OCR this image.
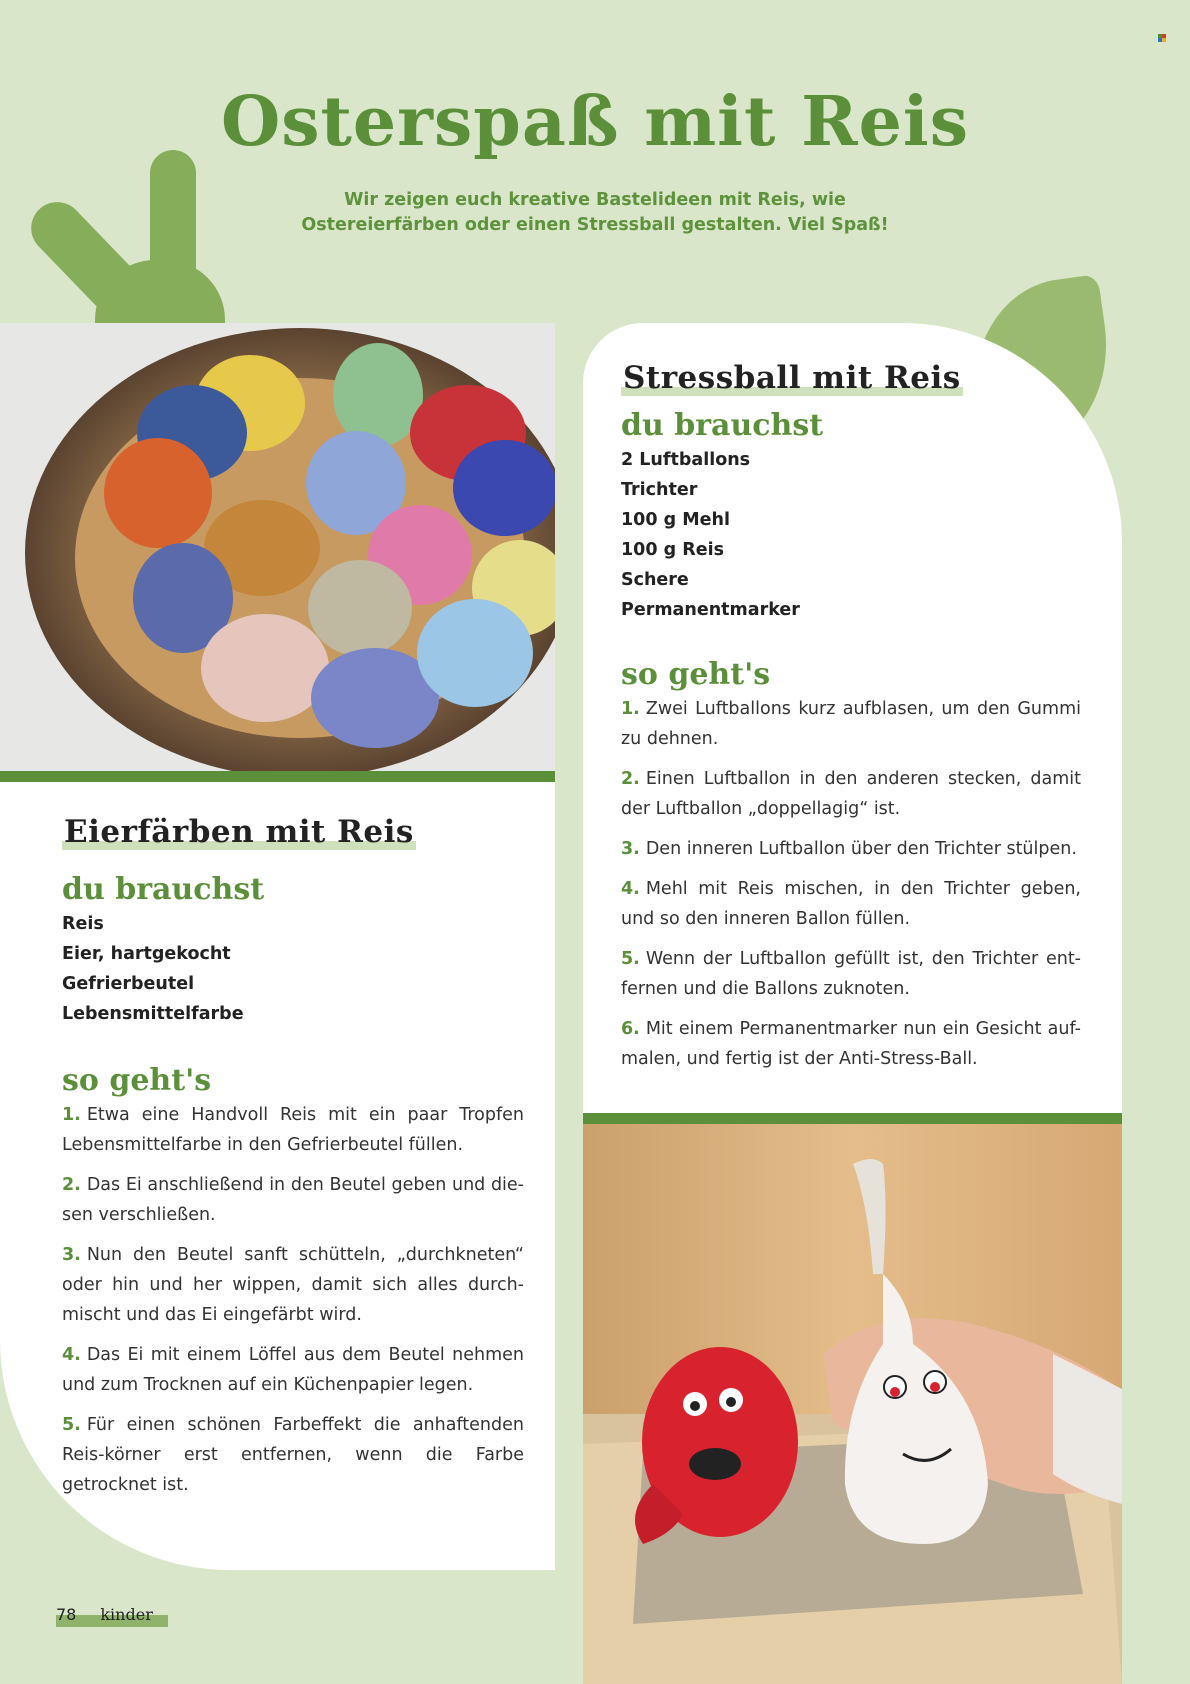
Osterspaß mit Reis
Wir zeigen euch kreative Bastelideen mit Reis, wie Ostereierfärben oder einen Stressball gestalten. Viel Spaß!
Eierfärben mit Reis
du brauchst
Reis
Eier, hartgekocht
Gefrierbeutel
Lebensmittelfarbe
so geht's
1. Etwa eine Handvoll Reis mit ein paar Tropfen Lebensmittelfarbe in den Gefrierbeutel füllen.
2. Das Ei anschließend in den Beutel geben und die-sen verschließen.
3. Nun den Beutel sanft schütteln, „durchkneten“ oder hin und her wippen, damit sich alles durch-mischt und das Ei eingefärbt wird.
4. Das Ei mit einem Löffel aus dem Beutel nehmen und zum Trocknen auf ein Küchenpapier legen.
5. Für einen schönen Farbeffekt die anhaftenden Reis-körner erst entfernen, wenn die Farbe getrocknet ist.
Stressball mit Reis
du brauchst
2 Luftballons
Trichter
100 g Mehl
100 g Reis
Schere
Permanentmarker
so geht's
1. Zwei Luftballons kurz aufblasen, um den Gummi zu dehnen.
2. Einen Luftballon in den anderen stecken, damit der Luftballon „doppellagig“ ist.
3. Den inneren Luftballon über den Trichter stülpen.
4. Mehl mit Reis mischen, in den Trichter geben, und so den inneren Ballon füllen.
5. Wenn der Luftballon gefüllt ist, den Trichter ent-fernen und die Ballons zuknoten.
6. Mit einem Permanentmarker nun ein Gesicht auf-malen, und fertig ist der Anti-Stress-Ball.
78 kinder
